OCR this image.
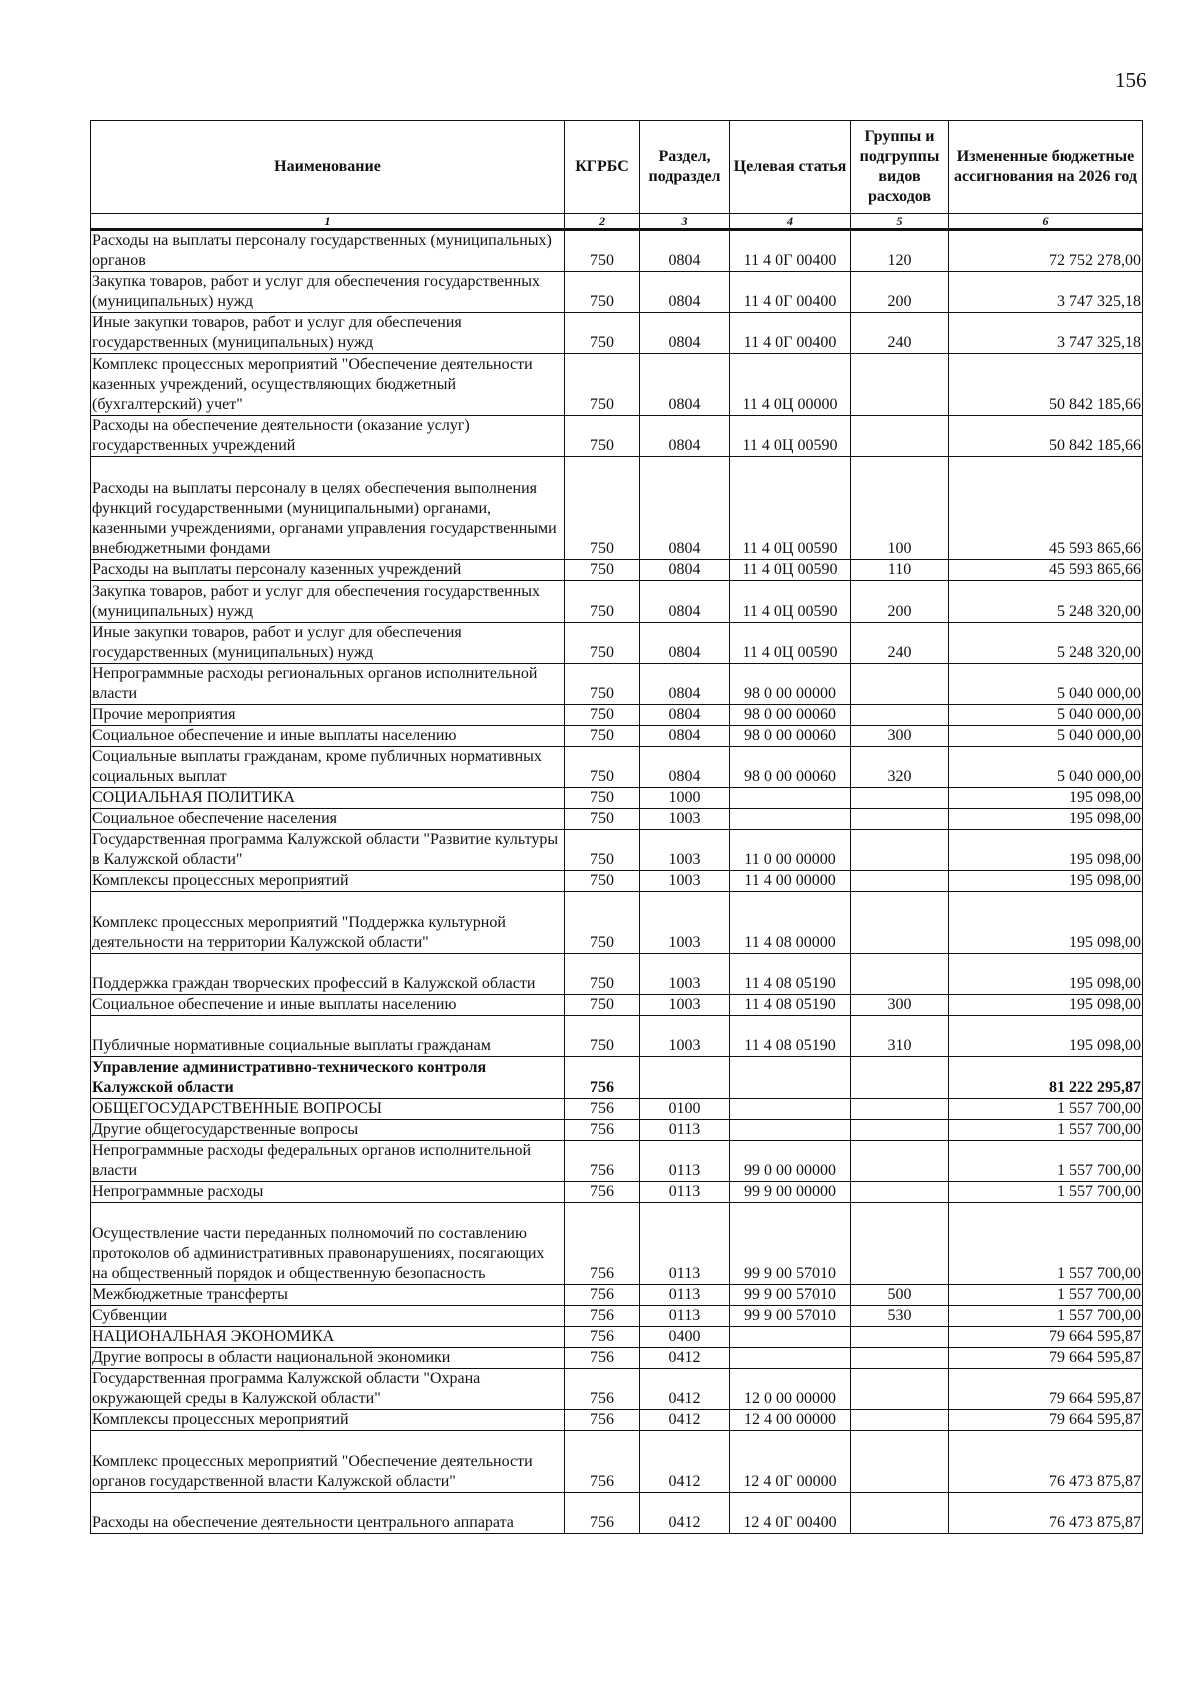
156
Наименование	КГРБС	Раздел, подраздел	Целевая статья	Группы и подгруппы видов расходов	Измененные бюджетные ассигнования на 2026 год
1	2	3	4	5	6
Расходы на выплаты персоналу государственных (муниципальных) органов	750	0804	11 4 0Г 00400	120	72 752 278,00
Закупка товаров, работ и услуг для обеспечения государственных (муниципальных) нужд	750	0804	11 4 0Г 00400	200	3 747 325,18
Иные закупки товаров, работ и услуг для обеспечения государственных (муниципальных) нужд	750	0804	11 4 0Г 00400	240	3 747 325,18
Комплекс процессных мероприятий "Обеспечение деятельности казенных учреждений, осуществляющих бюджетный (бухгалтерский) учет"	750	0804	11 4 0Ц 00000		50 842 185,66
Расходы на обеспечение деятельности (оказание услуг) государственных учреждений	750	0804	11 4 0Ц 00590		50 842 185,66
Расходы на выплаты персоналу в целях обеспечения выполнения функций государственными (муниципальными) органами, казенными учреждениями, органами управления государственными внебюджетными фондами	750	0804	11 4 0Ц 00590	100	45 593 865,66
Расходы на выплаты персоналу казенных учреждений	750	0804	11 4 0Ц 00590	110	45 593 865,66
Закупка товаров, работ и услуг для обеспечения государственных (муниципальных) нужд	750	0804	11 4 0Ц 00590	200	5 248 320,00
Иные закупки товаров, работ и услуг для обеспечения государственных (муниципальных) нужд	750	0804	11 4 0Ц 00590	240	5 248 320,00
Непрограммные расходы региональных органов исполнительной власти	750	0804	98 0 00 00000		5 040 000,00
Прочие мероприятия	750	0804	98 0 00 00060		5 040 000,00
Социальное обеспечение и иные выплаты населению	750	0804	98 0 00 00060	300	5 040 000,00
Социальные выплаты гражданам, кроме публичных нормативных социальных выплат	750	0804	98 0 00 00060	320	5 040 000,00
СОЦИАЛЬНАЯ ПОЛИТИКА	750	1000			195 098,00
Социальное обеспечение населения	750	1003			195 098,00
Государственная программа Калужской области "Развитие культуры в Калужской области"	750	1003	11 0 00 00000		195 098,00
Комплексы процессных мероприятий	750	1003	11 4 00 00000		195 098,00
Комплекс процессных мероприятий "Поддержка культурной деятельности на территории Калужской области"	750	1003	11 4 08 00000		195 098,00
Поддержка граждан творческих профессий в Калужской области	750	1003	11 4 08 05190		195 098,00
Социальное обеспечение и иные выплаты населению	750	1003	11 4 08 05190	300	195 098,00
Публичные нормативные социальные выплаты гражданам	750	1003	11 4 08 05190	310	195 098,00
Управление административно-технического контроля Калужской области	756				81 222 295,87
ОБЩЕГОСУДАРСТВЕННЫЕ ВОПРОСЫ	756	0100			1 557 700,00
Другие общегосударственные вопросы	756	0113			1 557 700,00
Непрограммные расходы федеральных органов исполнительной власти	756	0113	99 0 00 00000		1 557 700,00
Непрограммные расходы	756	0113	99 9 00 00000		1 557 700,00
Осуществление части переданных полномочий по составлению протоколов об административных правонарушениях, посягающих на общественный порядок и общественную безопасность	756	0113	99 9 00 57010		1 557 700,00
Межбюджетные трансферты	756	0113	99 9 00 57010	500	1 557 700,00
Субвенции	756	0113	99 9 00 57010	530	1 557 700,00
НАЦИОНАЛЬНАЯ ЭКОНОМИКА	756	0400			79 664 595,87
Другие вопросы в области национальной экономики	756	0412			79 664 595,87
Государственная программа Калужской области "Охрана окружающей среды в Калужской области"	756	0412	12 0 00 00000		79 664 595,87
Комплексы процессных мероприятий	756	0412	12 4 00 00000		79 664 595,87
Комплекс процессных мероприятий "Обеспечение деятельности органов государственной власти Калужской области"	756	0412	12 4 0Г 00000		76 473 875,87
Расходы на обеспечение деятельности центрального аппарата	756	0412	12 4 0Г 00400		76 473 875,87
